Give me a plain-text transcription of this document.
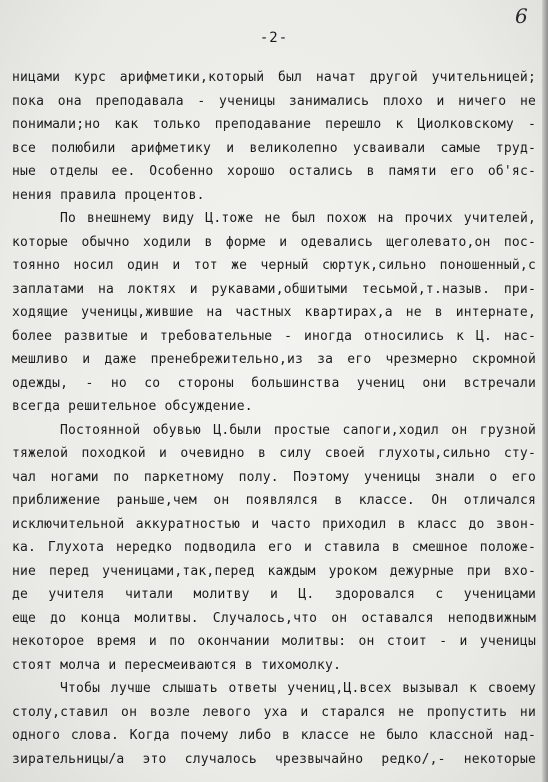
6
-2-
ницами курс арифметики,который был начат другой учительницей;
пока она преподавала - ученицы занимались плохо и ничего не
понимали;но как только преподавание перешло к Циолковскому -
все полюбили арифметику и великолепно усваивали самые труд-
ные отделы ее. Особенно хорошо остались в памяти его об'яс-
нения правила процентов.
По внешнему виду Ц.тоже не был похож на прочих учителей,
которые обычно ходили в форме и одевались щеголевато,он пос-
тоянно носил один и тот же черный сюртук,сильно поношенный,с
заплатами на локтях и рукавами,обшитыми тесьмой,т.назыв. при-
ходящие ученицы,жившие на частных квартирах,а не в интернате,
более развитые и требовательные - иногда относились к Ц. нас-
мешливо и даже пренебрежительно,из за его чрезмерно скромной
одежды, - но со стороны большинства учениц они встречали
всегда решительное обсуждение.
Постоянной обувью Ц.были простые сапоги,ходил он грузной
тяжелой походкой и очевидно в силу своей глухоты,сильно сту-
чал ногами по паркетному полу. Поэтому ученицы знали о его
приближение раньше,чем он появлялся в классе. Он отличался
исключительной аккуратностью и часто приходил в класс до звон-
ка. Глухота нередко подводила его и ставила в смешное положе-
ние перед ученицами,так,перед каждым уроком дежурные при вхо-
де учителя читали молитву и Ц. здоровался с ученицами
еще до конца молитвы. Случалось,что он оставался неподвижным
некоторое время и по окончании молитвы: он стоит - и ученицы
стоят молча и пересмеиваются в тихомолку.
Чтобы лучше слышать ответы учениц,Ц.всех вызывал к своему
столу,ставил он возле левого уха и старался не пропустить ни
одного слова. Когда почему либо в классе не было классной над-
зирательницы/а это случалось чрезвычайно редко/,- некоторые
